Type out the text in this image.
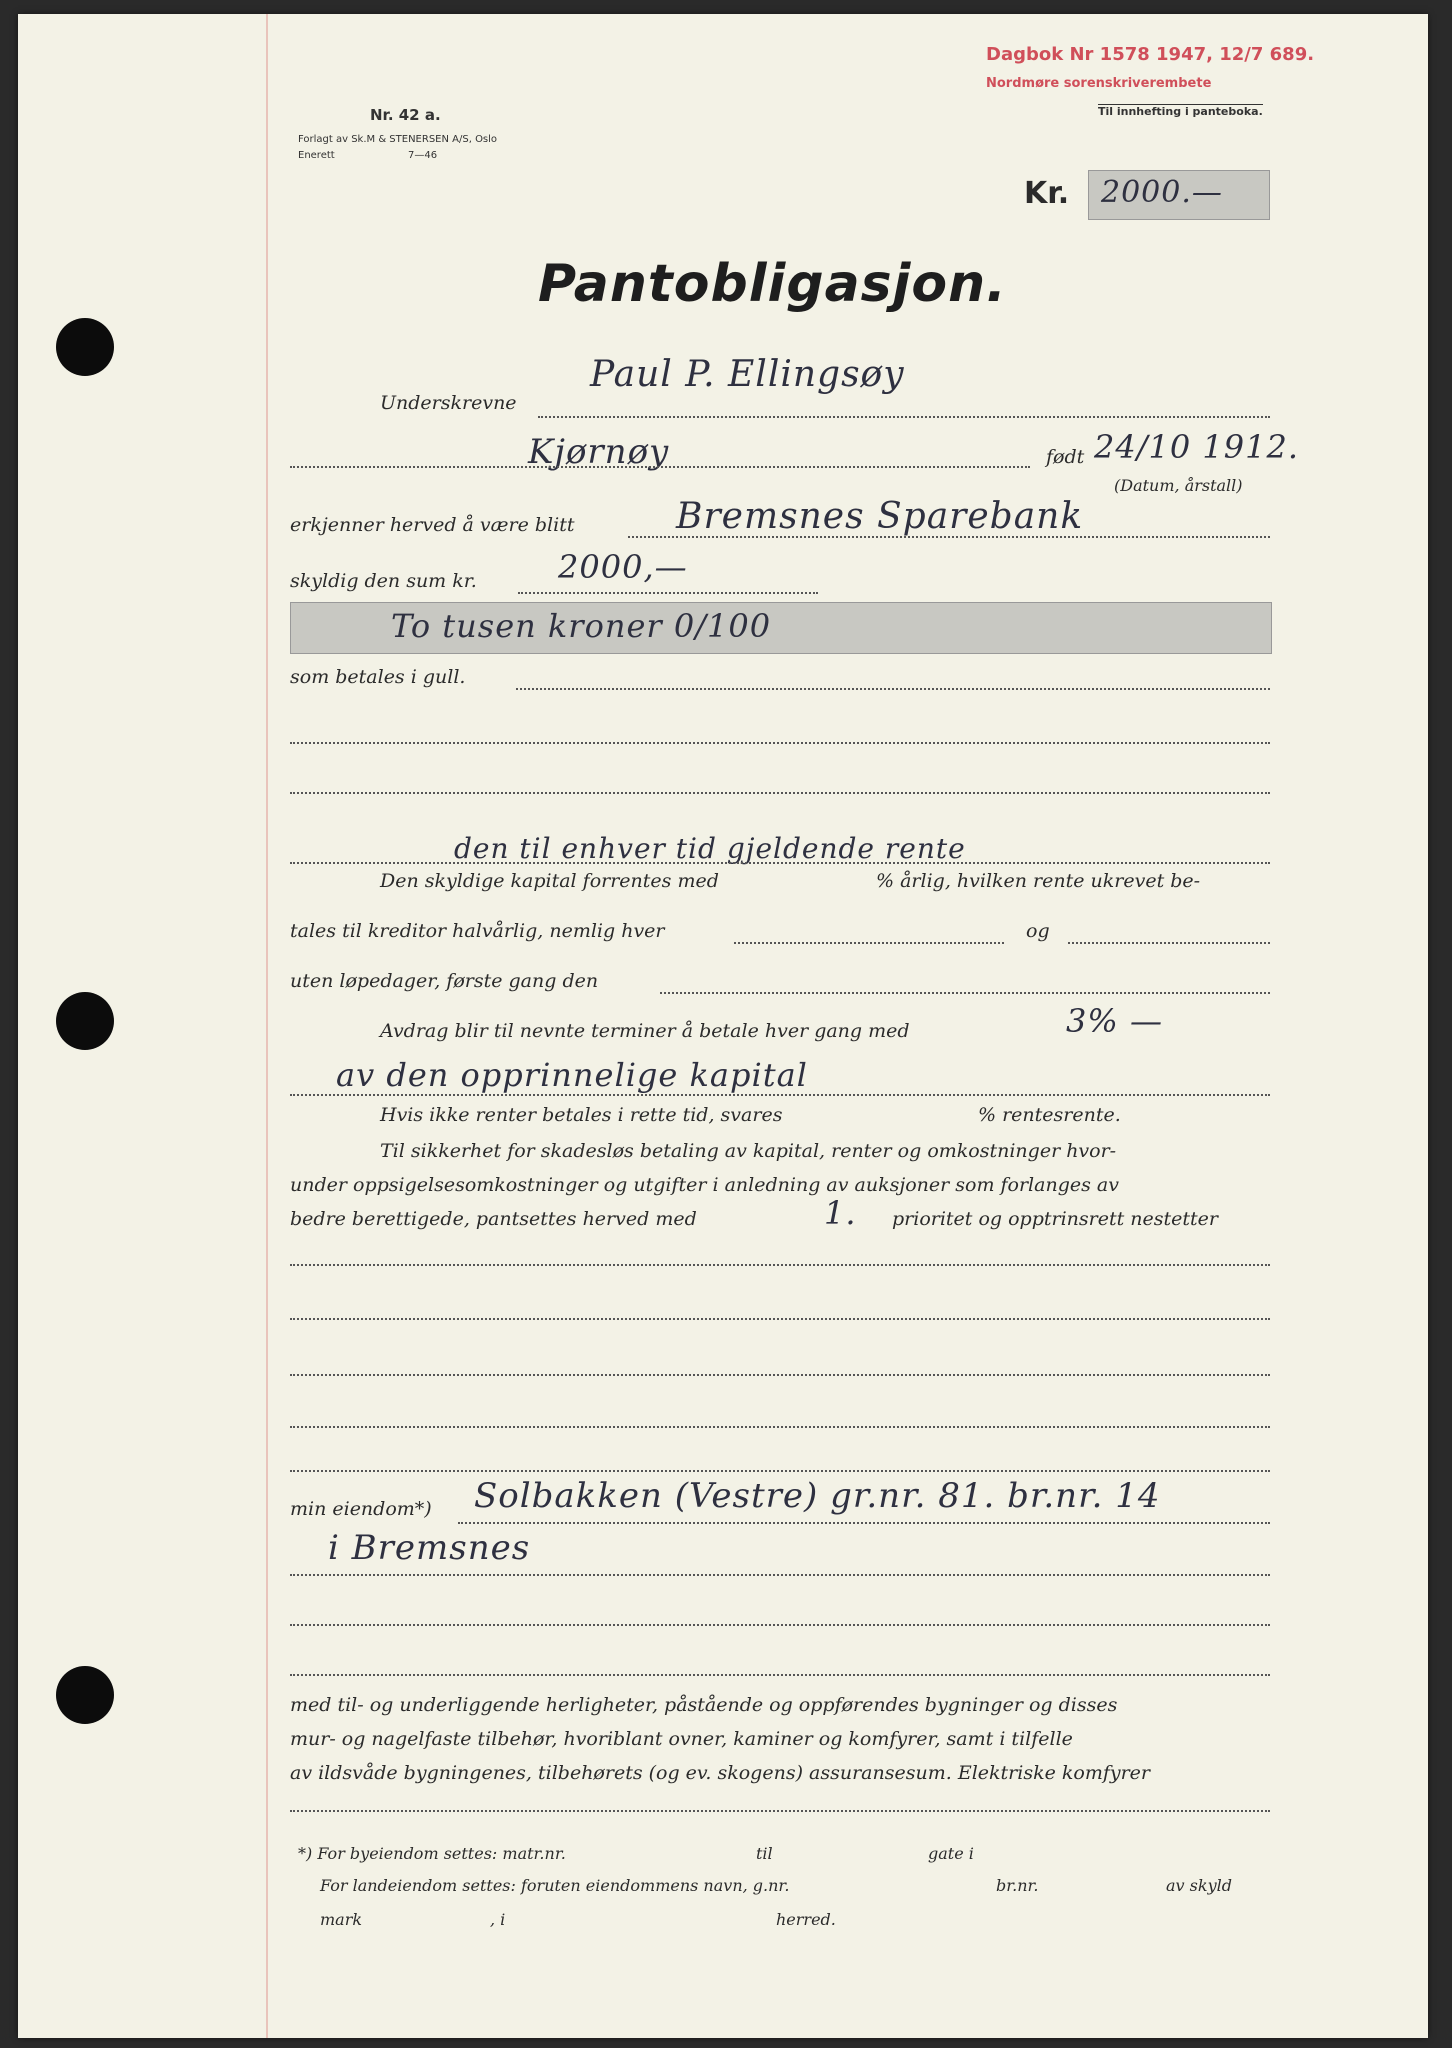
Nr. 42 a.
Forlagt av Sk.M & STENERSEN A/S, Oslo
Enerett	7—46
Dagbok Nr 1578 1947, 12/7 689.
Nordmøre sorenskriverembete
Til innhefting i panteboka.
Kr. 2000.—
Pantobligasjon.
Underskrevne
Paul P. Ellingsøy
Kjørnøy	født 24/10 1912.
(Datum, årstall)
erkjenner herved å være blitt	Bremsnes Sparebank
skyldig den sum kr.	2000,—
To tusen kroner 0/100
som betales i gull.
den til enhver tid gjeldende rente
Den skyldige kapital forrentes med	% årlig, hvilken rente ukrevet be-
tales til kreditor halvårlig, nemlig hver	og
uten løpedager, første gang den
Avdrag blir til nevnte terminer å betale hver gang med	3% —
av den opprinnelige kapital
Hvis ikke renter betales i rette tid, svares	% rentesrente.
Til sikkerhet for skadesløs betaling av kapital, renter og omkostninger hvor-
under oppsigelsesomkostninger og utgifter i anledning av auksjoner som forlanges av
bedre berettigede, pantsettes herved med	1. prioritet og opptrinsrett nestetter
min eiendom*) Solbakken (Vestre) gr.nr. 81. br.nr. 14
i Bremsnes
med til- og underliggende herligheter, påstående og oppførendes bygninger og disses
mur- og nagelfaste tilbehør, hvoriblant ovner, kaminer og komfyrer, samt i tilfelle
av ildsvåde bygningenes, tilbehørets (og ev. skogens) assuransesum. Elektriske komfyrer
*) For byeiendom settes: matr.nr.	til	gate i
For landeiendom settes: foruten eiendommens navn, g.nr.	br.nr.	av skyld
mark	, i	herred.
